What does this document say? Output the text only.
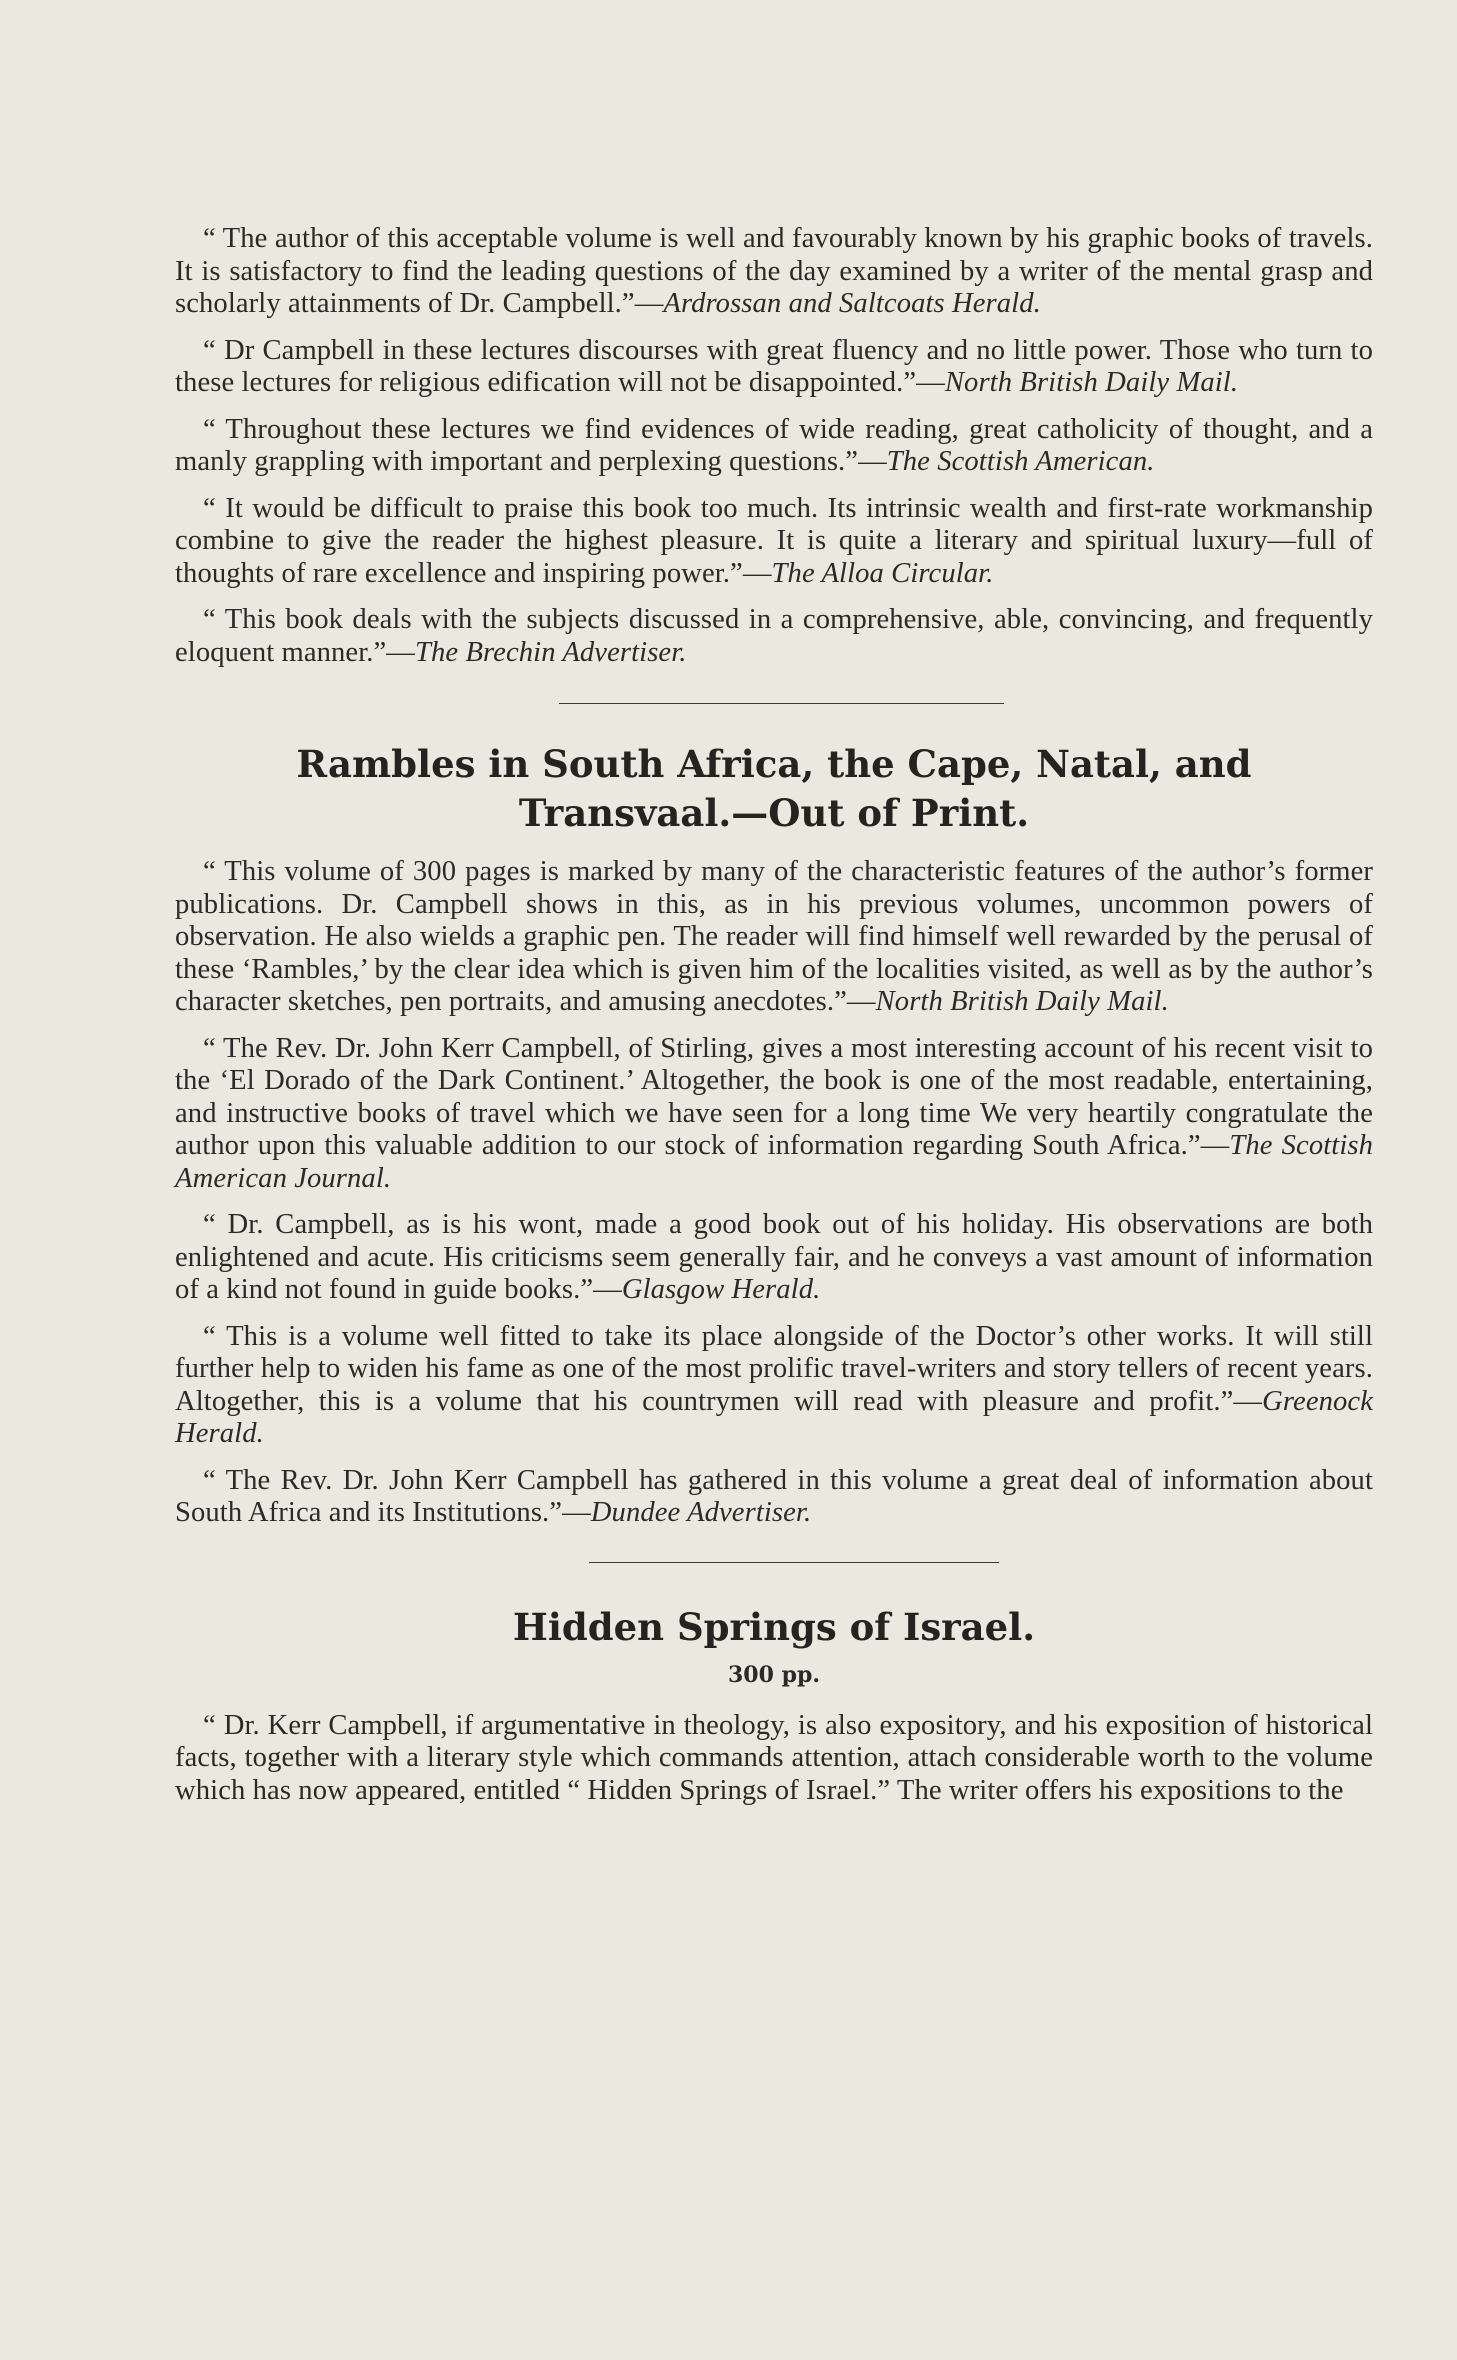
“ The author of this acceptable volume is well and favourably known by his graphic books of travels. It is satisfactory to find the leading questions of the day examined by a writer of the mental grasp and scholarly attainments of Dr. Campbell.”—Ardrossan and Saltcoats Herald.

“ Dr Campbell in these lectures discourses with great fluency and no little power. Those who turn to these lectures for religious edification will not be disappointed.”—North British Daily Mail.

“ Throughout these lectures we find evidences of wide reading, great catholicity of thought, and a manly grappling with important and perplexing questions.”—The Scottish American.

“ It would be difficult to praise this book too much. Its intrinsic wealth and first-rate workmanship combine to give the reader the highest pleasure. It is quite a literary and spiritual luxury—full of thoughts of rare excellence and inspiring power.”—The Alloa Circular.

“ This book deals with the subjects discussed in a comprehensive, able, convincing, and frequently eloquent manner.”—The Brechin Advertiser.

Rambles in South Africa, the Cape, Natal, and
Transvaal.—Out of Print.

“ This volume of 300 pages is marked by many of the characteristic features of the author’s former publications. Dr. Campbell shows in this, as in his previous volumes, uncommon powers of observation. He also wields a graphic pen. The reader will find himself well rewarded by the perusal of these ‘Rambles,’ by the clear idea which is given him of the localities visited, as well as by the author’s character sketches, pen portraits, and amusing anecdotes.”—North British Daily Mail.

“ The Rev. Dr. John Kerr Campbell, of Stirling, gives a most interesting account of his recent visit to the ‘El Dorado of the Dark Continent.’ Altogether, the book is one of the most readable, entertaining, and instructive books of travel which we have seen for a long time We very heartily congratulate the author upon this valuable addition to our stock of information regarding South Africa.”—The Scottish American Journal.

“ Dr. Campbell, as is his wont, made a good book out of his holiday. His observations are both enlightened and acute. His criticisms seem generally fair, and he conveys a vast amount of information of a kind not found in guide books.”—Glasgow Herald.

“ This is a volume well fitted to take its place alongside of the Doctor’s other works. It will still further help to widen his fame as one of the most prolific travel-writers and story tellers of recent years. Altogether, this is a volume that his countrymen will read with pleasure and profit.”—Greenock Herald.

“ The Rev. Dr. John Kerr Campbell has gathered in this volume a great deal of information about South Africa and its Institutions.”—Dundee Advertiser.

Hidden Springs of Israel.
300 pp.

“ Dr. Kerr Campbell, if argumentative in theology, is also expository, and his exposition of historical facts, together with a literary style which commands attention, attach considerable worth to the volume which has now appeared, entitled “ Hidden Springs of Israel.” The writer offers his expositions to the
